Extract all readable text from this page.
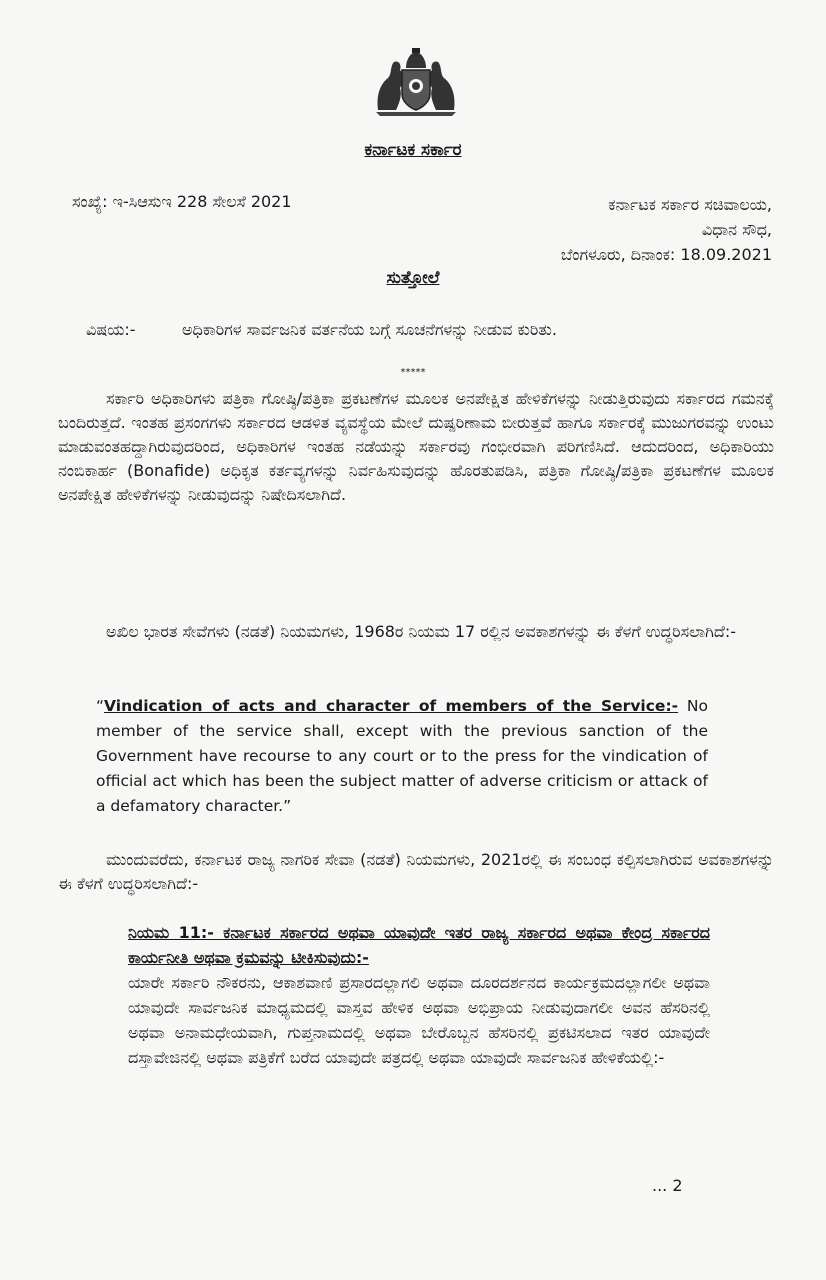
ಕರ್ನಾಟಕ ಸರ್ಕಾರ
ಸಂಖ್ಯೆ: ಇ-ಸಿಆಸುಇ 228 ಸೇಲಸೆ 2021	ಕರ್ನಾಟಕ ಸರ್ಕಾರ ಸಚಿವಾಲಯ,
ವಿಧಾನ ಸೌಧ,
ಬೆಂಗಳೂರು, ದಿನಾಂಕ: 18.09.2021
ಸುತ್ತೋಲೆ
ವಿಷಯ:-	ಅಧಿಕಾರಿಗಳ ಸಾರ್ವಜನಿಕ ವರ್ತನೆಯ ಬಗ್ಗೆ ಸೂಚನೆಗಳನ್ನು ನೀಡುವ ಕುರಿತು.
*****
ಸರ್ಕಾರಿ ಅಧಿಕಾರಿಗಳು ಪತ್ರಿಕಾ ಗೋಷ್ಠಿ/ಪತ್ರಿಕಾ ಪ್ರಕಟಣೆಗಳ ಮೂಲಕ ಅನಪೇಕ್ಷಿತ ಹೇಳಿಕೆಗಳನ್ನು ನೀಡುತ್ತಿರುವುದು ಸರ್ಕಾರದ ಗಮನಕ್ಕೆ ಬಂದಿರುತ್ತದೆ. ಇಂತಹ ಪ್ರಸಂಗಗಳು ಸರ್ಕಾರದ ಆಡಳಿತ ವ್ಯವಸ್ಥೆಯ ಮೇಲೆ ದುಷ್ಪರಿಣಾಮ ಬೀರುತ್ತವೆ ಹಾಗೂ ಸರ್ಕಾರಕ್ಕೆ ಮುಜುಗರವನ್ನು ಉಂಟು ಮಾಡುವಂತಹದ್ದಾಗಿರುವುದರಿಂದ, ಅಧಿಕಾರಿಗಳ ಇಂತಹ ನಡೆಯನ್ನು ಸರ್ಕಾರವು ಗಂಭೀರವಾಗಿ ಪರಿಗಣಿಸಿದೆ. ಆದುದರಿಂದ, ಅಧಿಕಾರಿಯು ನಂಬಿಕಾರ್ಹ (Bonafide) ಅಧಿಕೃತ ಕರ್ತವ್ಯಗಳನ್ನು ನಿರ್ವಹಿಸುವುದನ್ನು ಹೊರತುಪಡಿಸಿ, ಪತ್ರಿಕಾ ಗೋಷ್ಠಿ/ಪತ್ರಿಕಾ ಪ್ರಕಟಣೆಗಳ ಮೂಲಕ ಅನಪೇಕ್ಷಿತ ಹೇಳಿಕೆಗಳನ್ನು ನೀಡುವುದನ್ನು ನಿಷೇದಿಸಲಾಗಿದೆ.
ಅಖಿಲ ಭಾರತ ಸೇವೆಗಳು (ನಡತೆ) ನಿಯಮಗಳು, 1968ರ ನಿಯಮ 17 ರಲ್ಲಿನ ಅವಕಾಶಗಳನ್ನು ಈ ಕೆಳಗೆ ಉದ್ಧರಿಸಲಾಗಿದೆ:-
“Vindication of acts and character of members of the Service:- No member of the service shall, except with the previous sanction of the Government have recourse to any court or to the press for the vindication of official act which has been the subject matter of adverse criticism or attack of a defamatory character.”
ಮುಂದುವರೆದು, ಕರ್ನಾಟಕ ರಾಜ್ಯ ನಾಗರಿಕ ಸೇವಾ (ನಡತೆ) ನಿಯಮಗಳು, 2021ರಲ್ಲಿ ಈ ಸಂಬಂಧ ಕಲ್ಪಿಸಲಾಗಿರುವ ಅವಕಾಶಗಳನ್ನು ಈ ಕೆಳಗೆ ಉದ್ಧರಿಸಲಾಗಿದೆ:-
ನಿಯಮ 11:- ಕರ್ನಾಟಕ ಸರ್ಕಾರದ ಅಥವಾ ಯಾವುದೇ ಇತರ ರಾಜ್ಯ ಸರ್ಕಾರದ ಅಥವಾ ಕೇಂದ್ರ ಸರ್ಕಾರದ ಕಾರ್ಯನೀತಿ ಅಥವಾ ಕ್ರಮವನ್ನು ಟೀಕಿಸುವುದು:-
ಯಾರೇ ಸರ್ಕಾರಿ ನೌಕರನು, ಆಕಾಶವಾಣಿ ಪ್ರಸಾರದಲ್ಲಾಗಲಿ ಅಥವಾ ದೂರದರ್ಶನದ ಕಾರ್ಯಕ್ರಮದಲ್ಲಾಗಲೀ ಅಥವಾ ಯಾವುದೇ ಸಾರ್ವಜನಿಕ ಮಾಧ್ಯಮದಲ್ಲಿ ವಾಸ್ತವ ಹೇಳಿಕ ಅಥವಾ ಅಭಿಪ್ರಾಯ ನೀಡುವುದಾಗಲೀ ಅವನ ಹೆಸರಿನಲ್ಲಿ ಅಥವಾ ಅನಾಮಧೇಯವಾಗಿ, ಗುಪ್ತನಾಮದಲ್ಲಿ ಅಥವಾ ಬೇರೊಬ್ಬನ ಹೆಸರಿನಲ್ಲಿ ಪ್ರಕಟಿಸಲಾದ ಇತರ ಯಾವುದೇ ದಸ್ತಾವೇಜಿನಲ್ಲಿ ಅಥವಾ ಪತ್ರಿಕೆಗೆ ಬರೆದ ಯಾವುದೇ ಪತ್ರದಲ್ಲಿ ಅಥವಾ ಯಾವುದೇ ಸಾರ್ವಜನಿಕ ಹೇಳಿಕೆಯಲ್ಲಿ:-
... 2
